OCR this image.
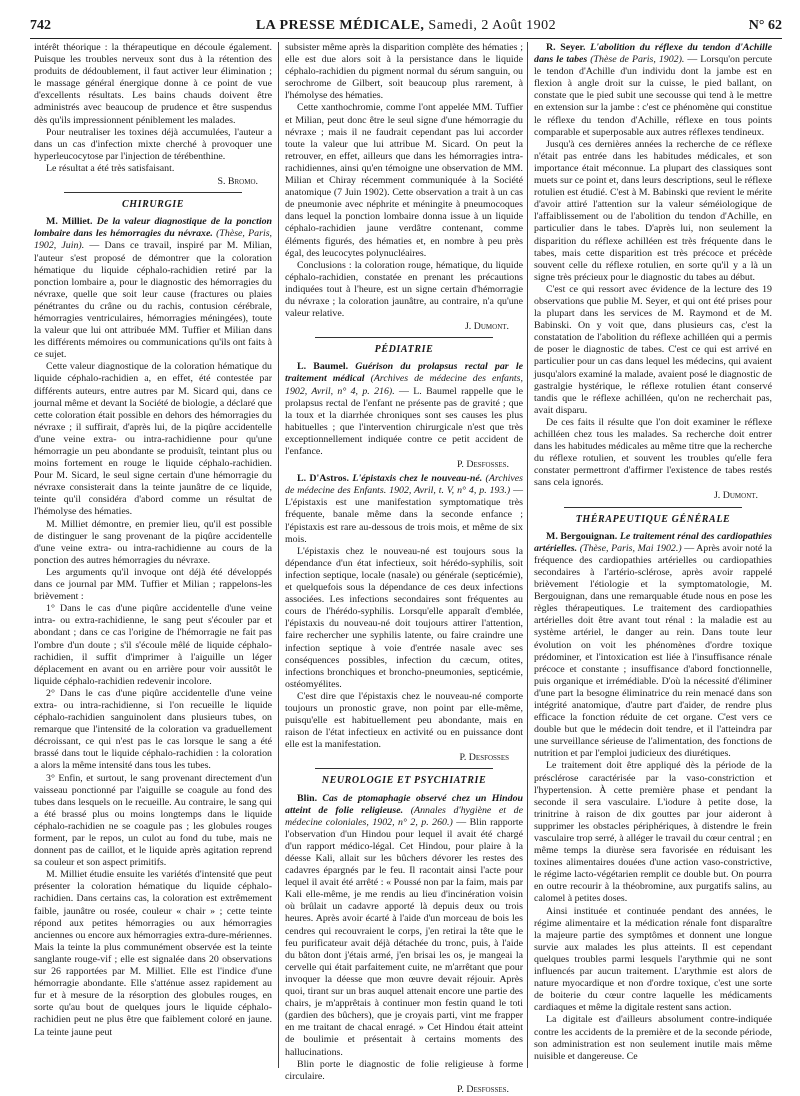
742	LA PRESSE MÉDICALE, Samedi, 2 Août 1902	N° 62

intérêt théorique : la thérapeutique en découle également. Puisque les troubles nerveux sont dus à la rétention des produits de dédoublement, il faut activer leur élimination ; le massage général énergique donne à ce point de vue d'excellents résultats. Les bains chauds doivent être administrés avec beaucoup de prudence et être suspendus dès qu'ils impressionnent péniblement les malades.

Pour neutraliser les toxines déjà accumulées, l'auteur a dans un cas d'infection mixte cherché à provoquer une hyperleucocytose par l'injection de térébenthine.

Le résultat a été très satisfaisant.

S. Bromo.
CHIRURGIE

M. Milliet. De la valeur diagnostique de la ponction lombaire dans les hémorragies du névraxe. (Thèse, Paris, 1902, Juin). — Dans ce travail, inspiré par M. Milian, l'auteur s'est proposé de démontrer que la coloration hématique du liquide céphalo-rachidien retiré par la ponction lombaire a, pour le diagnostic des hémorragies du névraxe, quelle que soit leur cause (fractures ou plaies pénétrantes du crâne ou du rachis, contusion cérébrale, hémorragies ventriculaires, hémorragies méningées), toute la valeur que lui ont attribuée MM. Tuffier et Milian dans les différents mémoires ou communications qu'ils ont faits à ce sujet.

Cette valeur diagnostique de la coloration hématique du liquide céphalo-rachidien a, en effet, été contestée par différents auteurs, entre autres par M. Sicard qui, dans ce journal même et devant la Société de biologie, a déclaré que cette coloration était possible en dehors des hémorragies du névraxe ; il suffirait, d'après lui, de la piqûre accidentelle d'une veine extra- ou intra-rachidienne pour qu'une hémorragie un peu abondante se produisît, teintant plus ou moins fortement en rouge le liquide céphalo-rachidien. Pour M. Sicard, le seul signe certain d'une hémorragie du névraxe consisterait dans la teinte jaunâtre de ce liquide, teinte qu'il considéra d'abord comme un résultat de l'hémolyse des hématies.

M. Milliet démontre, en premier lieu, qu'il est possible de distinguer le sang provenant de la piqûre accidentelle d'une veine extra- ou intra-rachidienne au cours de la ponction des autres hémorragies du névraxe.

Les arguments qu'il invoque ont déjà été développés dans ce journal par MM. Tuffier et Milian ; rappelons-les brièvement :

1° Dans le cas d'une piqûre accidentelle d'une veine intra- ou extra-rachidienne, le sang peut s'écouler par et abondant ; dans ce cas l'origine de l'hémorragie ne fait pas l'ombre d'un doute ; s'il s'écoule mêlé de liquide céphalo-rachidien, il suffit d'imprimer à l'aiguille un léger déplacement en avant ou en arrière pour voir aussitôt le liquide céphalo-rachidien redevenir incolore.

2° Dans le cas d'une piqûre accidentelle d'une veine extra- ou intra-rachidienne, si l'on recueille le liquide céphalo-rachidien sanguinolent dans plusieurs tubes, on remarque que l'intensité de la coloration va graduellement décroissant, ce qui n'est pas le cas lorsque le sang a été brassé dans tout le liquide céphalo-rachidien : la coloration a alors la même intensité dans tous les tubes.

3° Enfin, et surtout, le sang provenant directement d'un vaisseau ponctionné par l'aiguille se coagule au fond des tubes dans lesquels on le recueille. Au contraire, le sang qui a été brassé plus ou moins longtemps dans le liquide céphalo-rachidien ne se coagule pas ; les globules rouges forment, par le repos, un culot au fond du tube, mais ne donnent pas de caillot, et le liquide après agitation reprend sa couleur et son aspect primitifs.

M. Milliet étudie ensuite les variétés d'intensité que peut présenter la coloration hématique du liquide céphalo-rachidien. Dans certains cas, la coloration est extrêmement faible, jaunâtre ou rosée, couleur « chair » ; cette teinte répond aux petites hémorragies ou aux hémorragies anciennes ou encore aux hémorragies extra-dure-mériennes. Mais la teinte la plus communément observée est la teinte sanglante rouge-vif ; elle est signalée dans 20 observations sur 26 rapportées par M. Milliet. Elle est l'indice d'une hémorragie abondante. Elle s'atténue assez rapidement au fur et à mesure de la résorption des globules rouges, en sorte qu'au bout de quelques jours le liquide céphalo-rachidien peut ne plus être que faiblement coloré en jaune. La teinte jaune peut

subsister même après la disparition complète des hématies ; elle est due alors soit à la persistance dans le liquide céphalo-rachidien du pigment normal du sérum sanguin, ou serochrome de Gilbert, soit beaucoup plus rarement, à l'hémolyse des hématies.

Cette xanthochromie, comme l'ont appelée MM. Tuffier et Milian, peut donc être le seul signe d'une hémorragie du névraxe ; mais il ne faudrait cependant pas lui accorder toute la valeur que lui attribue M. Sicard. On peut la retrouver, en effet, ailleurs que dans les hémorragies intra-rachidiennes, ainsi qu'en témoigne une observation de MM. Milian et Chiray récemment communiquée à la Société anatomique (7 Juin 1902). Cette observation a trait à un cas de pneumonie avec néphrite et méningite à pneumocoques dans lequel la ponction lombaire donna issue à un liquide céphalo-rachidien jaune verdâtre contenant, comme éléments figurés, des hématies et, en nombre à peu près égal, des leucocytes polynucléaires.

Conclusions : la coloration rouge, hématique, du liquide céphalo-rachidien, constatée en prenant les précautions indiquées tout à l'heure, est un signe certain d'hémorragie du névraxe ; la coloration jaunâtre, au contraire, n'a qu'une valeur relative.

J. Dumont.
PÉDIATRIE

L. Baumel. Guérison du prolapsus rectal par le traitement médical (Archives de médecine des enfants, 1902, Avril, n° 4, p. 216). — L. Baumel rappelle que le prolapsus rectal de l'enfant ne présente pas de gravité ; que la toux et la diarrhée chroniques sont ses causes les plus habituelles ; que l'intervention chirurgicale n'est que très exceptionnellement indiquée contre ce petit accident de l'enfance.

P. Desfosses.

L. D'Astros. L'épistaxis chez le nouveau-né. (Archives de médecine des Enfants. 1902, Avril, t. V, n° 4, p. 193.) — L'épistaxis est une manifestation symptomatique très fréquente, banale même dans la seconde enfance ; l'épistaxis est rare au-dessous de trois mois, et même de six mois.

L'épistaxis chez le nouveau-né est toujours sous la dépendance d'un état infectieux, soit hérédo-syphilis, soit infection septique, locale (nasale) ou générale (septicémie), et quelquefois sous la dépendance de ces deux infections associées. Les infections secondaires sont fréquentes au cours de l'hérédo-syphilis. Lorsqu'elle apparaît d'emblée, l'épistaxis du nouveau-né doit toujours attirer l'attention, faire rechercher une syphilis latente, ou faire craindre une infection septique à voie d'entrée nasale avec ses conséquences possibles, infection du cæcum, otites, infections bronchiques et broncho-pneumonies, septicémie, ostéomyélites.

C'est dire que l'épistaxis chez le nouveau-né comporte toujours un pronostic grave, non point par elle-même, puisqu'elle est habituellement peu abondante, mais en raison de l'état infectieux en activité ou en puissance dont elle est la manifestation.

P. Desfosses
NEUROLOGIE ET PSYCHIATRIE

Blin. Cas de ptomaphagie observé chez un Hindou atteint de folie religieuse. (Annales d'hygiène et de médecine coloniales, 1902, n° 2, p. 260.) — Blin rapporte l'observation d'un Hindou pour lequel il avait été chargé d'un rapport médico-légal. Cet Hindou, pour plaire à la déesse Kali, allait sur les bûchers dévorer les restes des cadavres épargnés par le feu. Il racontait ainsi l'acte pour lequel il avait été arrêté : « Poussé non par la faim, mais par Kali elle-même, je me rendis au lieu d'incinération voisin où brûlait un cadavre apporté là depuis deux ou trois heures. Après avoir écarté à l'aide d'un morceau de bois les cendres qui recouvraient le corps, j'en retirai la tête que le feu purificateur avait déjà détachée du tronc, puis, à l'aide du bâton dont j'étais armé, j'en brisai les os, je mangeai la cervelle qui était parfaitement cuite, ne m'arrêtant que pour invoquer la déesse que mon œuvre devait réjouir. Après quoi, tirant sur un bras auquel attenait encore une partie des chairs, je m'apprêtais à continuer mon festin quand le toti (gardien des bûchers), que je croyais parti, vint me frapper en me traitant de chacal enragé. » Cet Hindou était atteint de boulimie et présentait à certains moments des hallucinations.

Blin porte le diagnostic de folie religieuse à forme circulaire.

P. Desfosses.

R. Seyer. L'abolition du réflexe du tendon d'Achille dans le tabes (Thèse de Paris, 1902). — Lorsqu'on percute le tendon d'Achille d'un individu dont la jambe est en flexion à angle droit sur la cuisse, le pied ballant, on constate que le pied subit une secousse qui tend à le mettre en extension sur la jambe : c'est ce phénomène qui constitue le réflexe du tendon d'Achille, réflexe en tous points comparable et superposable aux autres réflexes tendineux.

Jusqu'à ces dernières années la recherche de ce réflexe n'était pas entrée dans les habitudes médicales, et son importance était méconnue. La plupart des classiques sont muets sur ce point et, dans leurs descriptions, seul le réflexe rotulien est étudié. C'est à M. Babinski que revient le mérite d'avoir attiré l'attention sur la valeur séméiologique de l'affaiblissement ou de l'abolition du tendon d'Achille, en particulier dans le tabes. D'après lui, non seulement la disparition du réflexe achilléen est très fréquente dans le tabes, mais cette disparition est très précoce et précède souvent celle du réflexe rotulien, en sorte qu'il y a là un signe très précieux pour le diagnostic du tabes au début.

C'est ce qui ressort avec évidence de la lecture des 19 observations que publie M. Seyer, et qui ont été prises pour la plupart dans les services de M. Raymond et de M. Babinski. On y voit que, dans plusieurs cas, c'est la constatation de l'abolition du réflexe achilléen qui a permis de poser le diagnostic de tabes. C'est ce qui est arrivé en particulier pour un cas dans lequel les médecins, qui avaient jusqu'alors examiné la malade, avaient posé le diagnostic de gastralgie hystérique, le réflexe rotulien étant conservé tandis que le réflexe achilléen, qu'on ne recherchait pas, avait disparu.

De ces faits il résulte que l'on doit examiner le réflexe achilléen chez tous les malades. Sa recherche doit entrer dans les habitudes médicales au même titre que la recherche du réflexe rotulien, et souvent les troubles qu'elle fera constater permettront d'affirmer l'existence de tabes restés sans cela ignorés.

J. Dumont.
THÉRAPEUTIQUE GÉNÉRALE

M. Bergouignan. Le traitement rénal des cardiopathies artérielles. (Thèse, Paris, Mai 1902.) — Après avoir noté la fréquence des cardiopathies artérielles ou cardiopathies secondaires à l'artério-sclérose, après avoir rappelé brièvement l'étiologie et la symptomatologie, M. Bergouignan, dans une remarquable étude nous en pose les règles thérapeutiques. Le traitement des cardiopathies artérielles doit être avant tout rénal : la maladie est au système artériel, le danger au rein. Dans toute leur évolution on voit les phénomènes d'ordre toxique prédominer, et l'intoxication est liée à l'insuffisance rénale précoce et constante ; insuffisance d'abord fonctionnelle, puis organique et irrémédiable. D'où la nécessité d'éliminer d'une part la besogne éliminatrice du rein menacé dans son intégrité anatomique, d'autre part d'aider, de rendre plus efficace la fonction réduite de cet organe. C'est vers ce double but que le médecin doit tendre, et il l'atteindra par une surveillance sérieuse de l'alimentation, des fonctions de nutrition et par l'emploi judicieux des diurétiques.

Le traitement doit être appliqué dès la période de la présclérose caractérisée par la vaso-constriction et l'hypertension. À cette première phase et pendant la seconde il sera vasculaire. L'iodure à petite dose, la trinitrine à raison de dix gouttes par jour aideront à supprimer les obstacles périphériques, à distendre le frein vasculaire trop serré, à alléger le travail du cœur central ; en même temps la diurèse sera favorisée en réduisant les toxines alimentaires douées d'une action vaso-constrictive, le régime lacto-végétarien remplit ce double but. On pourra en outre recourir à la théobromine, aux purgatifs salins, au calomel à petites doses.

Ainsi instituée et continuée pendant des années, le régime alimentaire et la médication rénale font disparaître la majeure partie des symptômes et donnent une longue survie aux malades les plus atteints. Il est cependant quelques troubles parmi lesquels l'arythmie qui ne sont influencés par aucun traitement. L'arythmie est alors de nature myocardique et non d'ordre toxique, c'est une sorte de boiterie du cœur contre laquelle les médicaments cardiaques et même la digitale restent sans action.

La digitale est d'ailleurs absolument contre-indiquée contre les accidents de la première et de la seconde période, son administration est non seulement inutile mais même nuisible et dangereuse. Ce
